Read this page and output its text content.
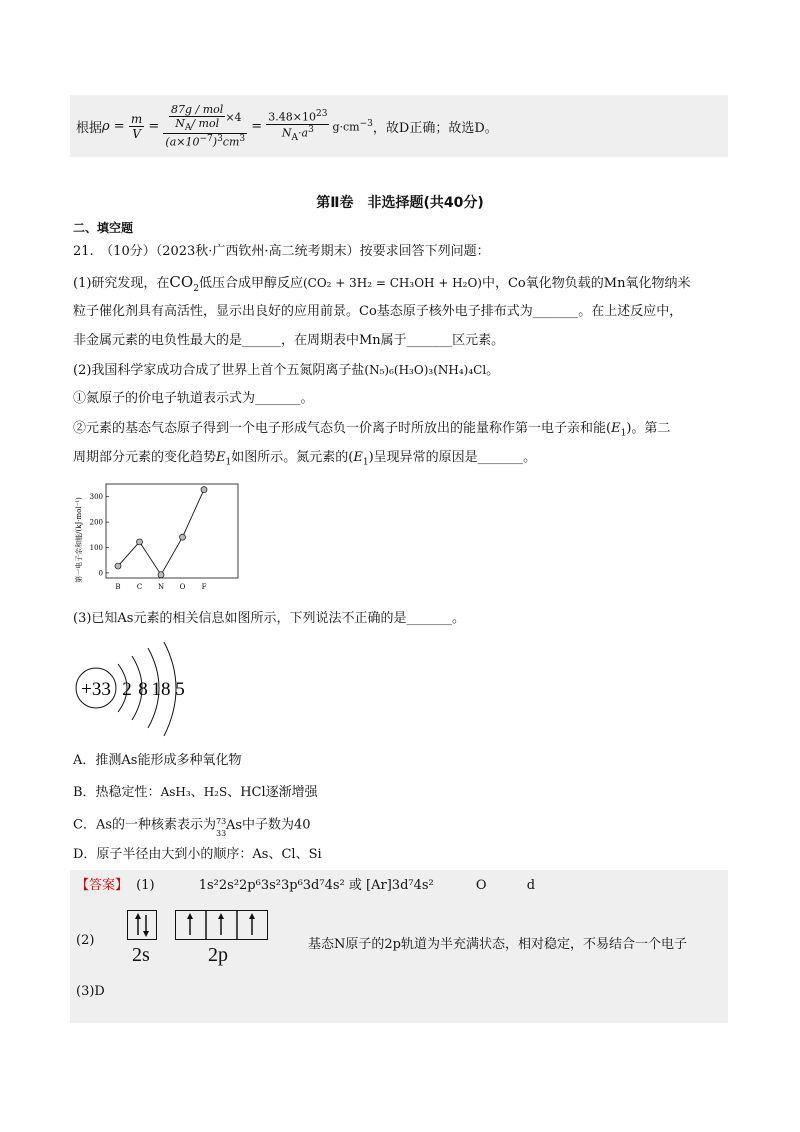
根据 $\rho = \frac{m}{V} = \frac{\frac{\text{87g / mol}}{N_A/ mol} \times 4}{(a\times 10^{-7})^3cm^3} = \frac{3.48\times 10^{23}}{N_A\cdot a^3} g\cdot cm^{-3}$ ，故D正确；故选D。
第Ⅱ卷　非选择题(共40分)
二、填空题
21.　（10分）（2023秋·广西钦州·高二统考期末）按要求回答下列问题：
(1)研究发现，在$CO_2$低压合成甲醇反应(CO₂ + 3H₂ = CH₃OH + H₂O)中，Co氧化物负载的Mn氧化物纳米
粒子催化剂具有高活性，显示出良好的应用前景。Co基态原子核外电子排布式为_______。在上述反应中，
非金属元素的电负性最大的是______，在周期表中Mn属于_______区元素。
(2)我国科学家成功合成了世界上首个五氮阴离子盐(N₅)₆(H₃O)₃(NH₄)₄Cl。
①氮原子的价电子轨道表示式为_______。
②元素的基态气态原子得到一个电子形成气态负一价离子时所放出的能量称作第一电子亲和能$(E_1)$。第二
周期部分元素的变化趋势$E_1$如图所示。氮元素的$(E_1)$呈现异常的原因是_______。
第一电子亲和能/(kJ·mol⁻¹) 0
100
200
300
B C N O F
(3)已知As元素的相关信息如图所示，下列说法不正确的是_______。
+33 2 8 18 5
A．推测As能形成多种氧化物
B．热稳定性：AsH₃、H₂S、HCl逐渐增强
C．As的一种核素表示为 73
33
As 中子数为40
D．原子半径由大到小的顺序：As、Cl、Si
【答案】 (1)	1s²2s²2p⁶3s²3p⁶3d⁷4s² 或 [Ar]3d⁷4s²	O	d
(2)
2s	2p	基态N原子的2p轨道为半充满状态，相对稳定，不易结合一个电子
(3)D
